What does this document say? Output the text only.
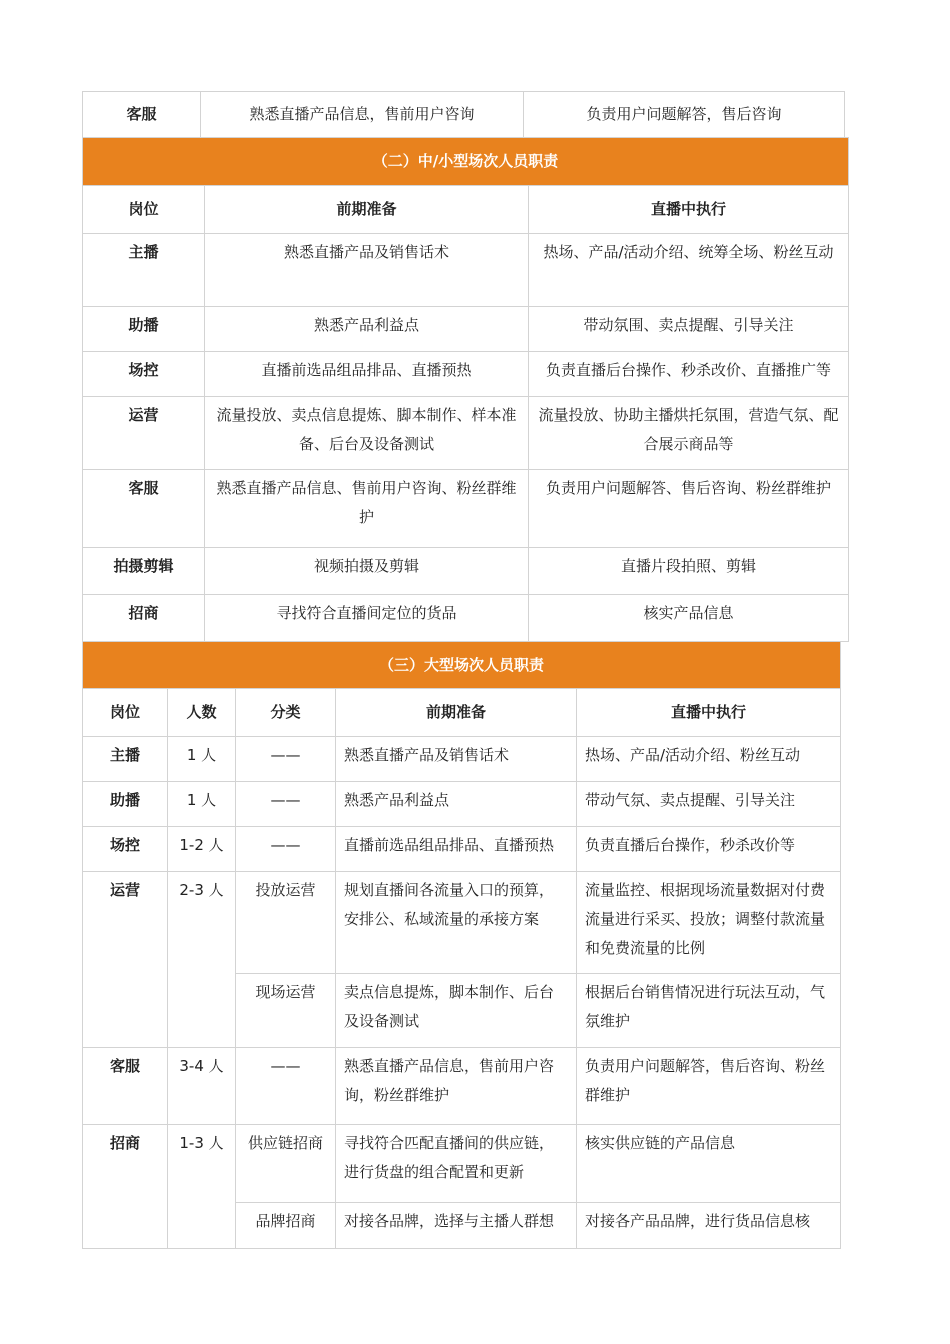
客服	熟悉直播产品信息，售前用户咨询	负责用户问题解答，售后咨询
（二）中/小型场次人员职责		
岗位	前期准备	直播中执行
主播	熟悉直播产品及销售话术	热场、产品/活动介绍、统筹全场、粉丝互动
助播	熟悉产品利益点	带动氛围、卖点提醒、引导关注
场控	直播前选品组品排品、直播预热	负责直播后台操作、秒杀改价、直播推广等
运营	流量投放、卖点信息提炼、脚本制作、样本准备、后台及设备测试	流量投放、协助主播烘托氛围，营造气氛、配合展示商品等
客服	熟悉直播产品信息、售前用户咨询、粉丝群维护	负责用户问题解答、售后咨询、粉丝群维护
拍摄剪辑	视频拍摄及剪辑	直播片段拍照、剪辑
招商	寻找符合直播间定位的货品	核实产品信息
（三）大型场次人员职责				
岗位	人数	分类	前期准备	直播中执行
主播	1 人	——	熟悉直播产品及销售话术	热场、产品/活动介绍、粉丝互动
助播	1 人	——	熟悉产品利益点	带动气氛、卖点提醒、引导关注
场控	1-2 人	——	直播前选品组品排品、直播预热	负责直播后台操作，秒杀改价等
运营	2-3 人	投放运营	规划直播间各流量入口的预算，安排公、私域流量的承接方案	流量监控、根据现场流量数据对付费流量进行采买、投放；调整付款流量和免费流量的比例
		现场运营	卖点信息提炼，脚本制作、后台及设备测试	根据后台销售情况进行玩法互动，气氛维护
客服	3-4 人	——	熟悉直播产品信息，售前用户咨询，粉丝群维护	负责用户问题解答，售后咨询、粉丝群维护
招商	1-3 人	供应链招商	寻找符合匹配直播间的供应链，进行货盘的组合配置和更新	核实供应链的产品信息
		品牌招商	对接各品牌，选择与主播人群想	对接各产品品牌，进行货品信息核
